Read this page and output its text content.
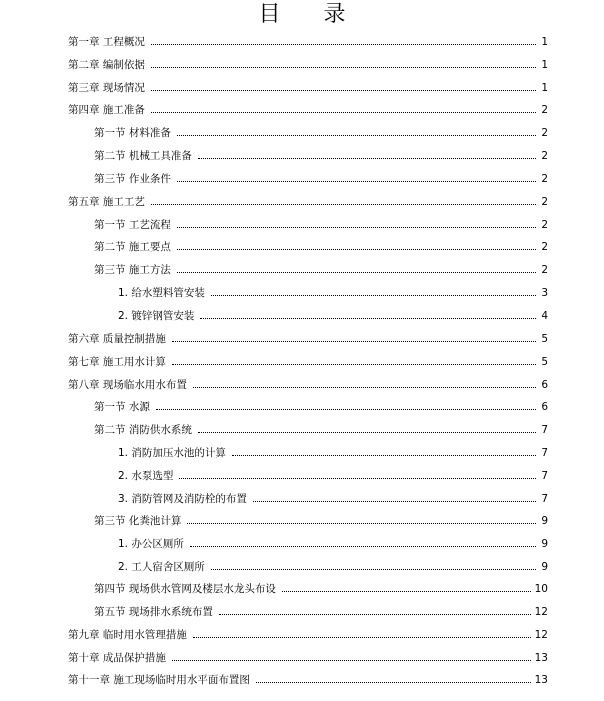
目 录
第一章 工程概况	1
第二章 编制依据	1
第三章 现场情况	1
第四章 施工准备	2
第一节 材料准备	2
第二节 机械工具准备	2
第三节 作业条件	2
第五章 施工工艺	2
第一节 工艺流程	2
第二节 施工要点	2
第三节 施工方法	2
1. 给水塑料管安装	3
2. 镀锌钢管安装	4
第六章 质量控制措施	5
第七章 施工用水计算	5
第八章 现场临水用水布置	6
第一节 水源	6
第二节 消防供水系统	7
1. 消防加压水池的计算	7
2. 水泵选型	7
3. 消防管网及消防栓的布置	7
第三节 化粪池计算	9
1. 办公区厕所	9
2. 工人宿舍区厕所	9
第四节 现场供水管网及楼层水龙头布设	10
第五节 现场排水系统布置	12
第九章 临时用水管理措施	12
第十章 成品保护措施	13
第十一章 施工现场临时用水平面布置图	13
